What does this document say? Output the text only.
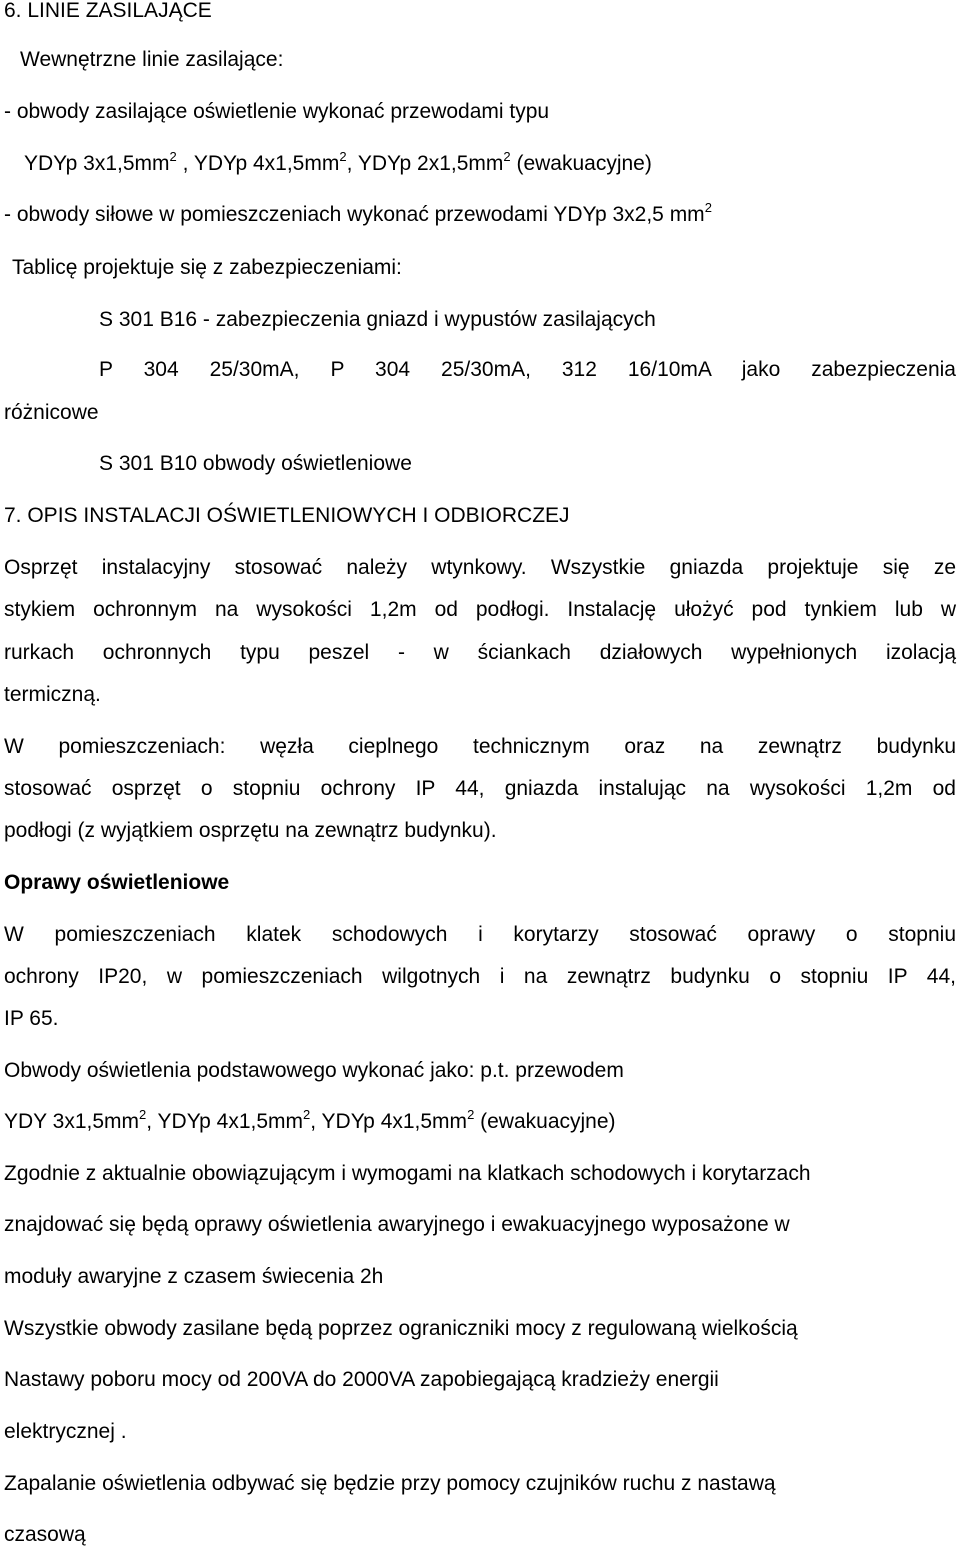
6. LINIE ZASILAJĄCE
Wewnętrzne linie zasilające:
- obwody zasilające oświetlenie wykonać przewodami typu
YDYp $3x1,5mm^2$ , YDYp $4x1,5mm^2$, YDYp $2x1,5mm^2$ (ewakuacyjne)
- obwody siłowe w pomieszczeniach wykonać przewodami YDYp 3x2,5 $mm^2$
Tablicę projektuje się z zabezpieczeniami:
S 301 B16 - zabezpieczenia gniazd i wypustów zasilających
P 304 25/30mA, P 304 25/30mA, 312 16/10mA jako zabezpieczenia
różnicowe
S 301 B10 obwody oświetleniowe
7. OPIS INSTALACJI OŚWIETLENIOWYCH I ODBIORCZEJ
Osprzęt instalacyjny stosować należy wtynkowy. Wszystkie gniazda projektuje się ze
stykiem ochronnym na wysokości 1,2m od podłogi. Instalację ułożyć pod tynkiem lub w
rurkach ochronnych typu peszel - w ściankach działowych wypełnionych izolacją
termiczną.
W pomieszczeniach: węzła cieplnego technicznym oraz na zewnątrz budynku
stosować osprzęt o stopniu ochrony IP 44, gniazda instalując na wysokości 1,2m od
podłogi (z wyjątkiem osprzętu na zewnątrz budynku).
Oprawy oświetleniowe
W pomieszczeniach klatek schodowych i korytarzy stosować oprawy o stopniu
ochrony IP20, w pomieszczeniach wilgotnych i na zewnątrz budynku o stopniu IP 44,
IP 65.
Obwody oświetlenia podstawowego wykonać jako: p.t. przewodem
YDY $3x1,5mm^2$, YDYp $4x1,5mm^2$, YDYp $4x1,5mm^2$ (ewakuacyjne)
Zgodnie z aktualnie obowiązującym i wymogami na klatkach schodowych i korytarzach
znajdować się będą oprawy oświetlenia awaryjnego i ewakuacyjnego wyposażone w
moduły awaryjne z czasem świecenia 2h
Wszystkie obwody zasilane będą poprzez ograniczniki mocy z regulowaną wielkością
Nastawy poboru mocy od 200VA do 2000VA zapobiegającą kradzieży energii
elektrycznej .
Zapalanie oświetlenia odbywać się będzie przy pomocy czujników ruchu z nastawą
czasową
